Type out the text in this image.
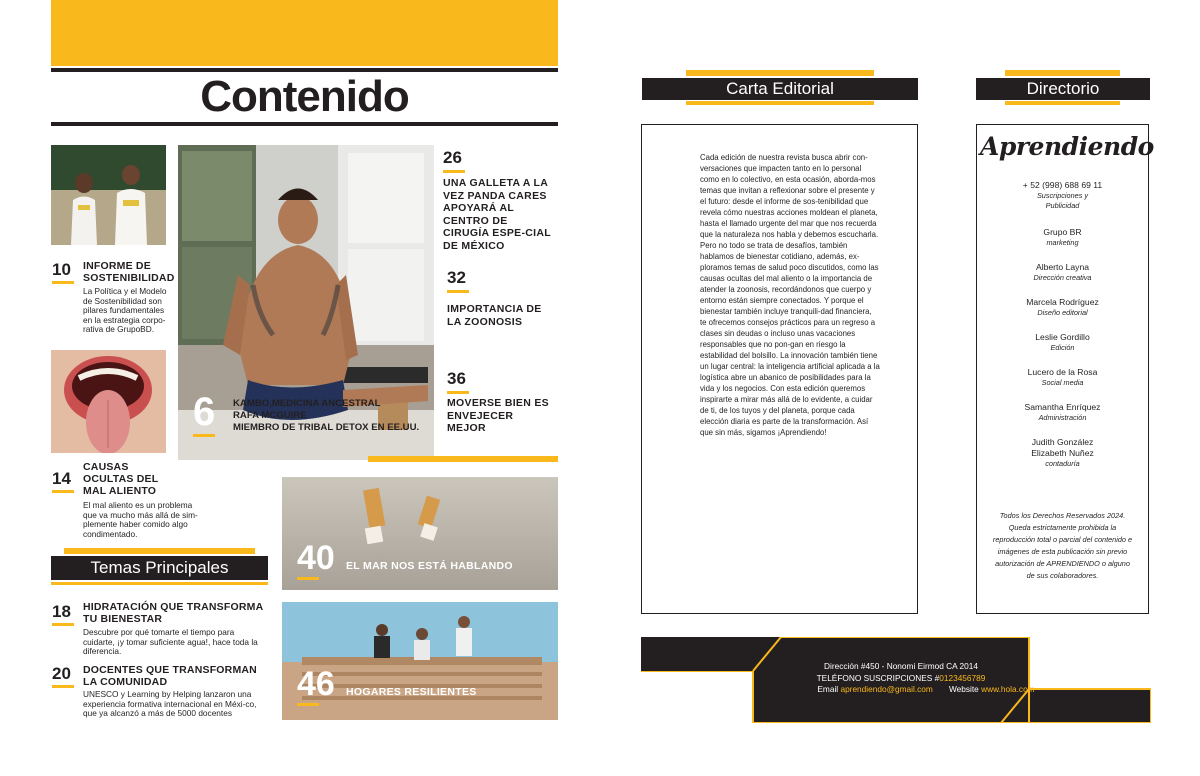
Contenido
10 INFORME DE SOSTENIBILIDAD
La Política y el Modelo de Sostenibilidad son pilares fundamentales en la estrategia corpo-rativa de GrupoBD.
14
CAUSAS OCULTAS DEL MAL ALIENTO
El mal aliento es un problema que va mucho más allá de sim-plemente haber comido algo condimentado.
Temas Principales
18 HIDRATACIÓN QUE TRANSFORMA TU BIENESTAR
Descubre por qué tomarte el tiempo para cuidarte, ¡y tomar suficiente agua!, hace toda la diferencia.
20 DOCENTES QUE TRANSFORMAN LA COMUNIDAD
UNESCO y Learning by Helping lanzaron una experiencia formativa internacional en Méxi-co, que ya alcanzó a más de 5000 docentes
6 KAMBO,MEDICINA ANCESTRAL
RAFA MCGUIRE
MIEMBRO DE TRIBAL DETOX EN EE.UU.
26
UNA GALLETA A LA VEZ PANDA CARES APOYARÁ AL CENTRO DE CIRUGÍA ESPE-CIAL DE MÉXICO
32
IMPORTANCIA DE LA ZOONOSIS
36
MOVERSE BIEN ES ENVEJECER MEJOR
40 EL MAR NOS ESTÁ HABLANDO
46 HOGARES RESILIENTES
Carta Editorial
Cada edición de nuestra revista busca abrir con-versaciones que impacten tanto en lo personal como en lo colectivo, en esta ocasión, aborda-mos temas que invitan a reflexionar sobre el presente y el futuro: desde el informe de sos-tenibilidad que revela cómo nuestras acciones moldean el planeta, hasta el llamado urgente del mar que nos recuerda que la naturaleza nos habla y debemos escucharla.
Pero no todo se trata de desafíos, también hablamos de bienestar cotidiano, además, ex-ploramos temas de salud poco discutidos, como las causas ocultas del mal aliento o la importancia de atender la zoonosis, recordándonos que cuerpo y entorno están siempre conectados. Y porque el bienestar también incluye tranquili-dad financiera, te ofrecemos consejos prácticos para un regreso a clases sin deudas o incluso unas vacaciones responsables que no pon-gan en riesgo la estabilidad del bolsillo. La innovación también tiene un lugar central: la inteligencia artificial aplicada a la logística abre un abanico de posibilidades para la vida y los negocios. Con esta edición queremos inspirarte a mirar más allá de lo evidente, a cuidar de ti, de los tuyos y del planeta, porque cada elección diaria es parte de la transformación. Así que sin más, sigamos ¡Aprendiendo!
Directorio
Aprendiendo
+ 52 (998) 688 69 11
Suscripciones y Publicidad
Grupo BR
marketing
Alberto Layna
Dirección creativa
Marcela Rodríguez
Diseño editorial
Leslie Gordillo
Edición
Lucero de la Rosa
Social media
Samantha Enríquez
Administración
Judith González Elizabeth Nuñez
contaduría
Todos los Derechos Reservados 2024. Queda estrictamente prohibida la reproducción total o parcial del contenido e imágenes de esta publicación sin previo autorización de APRENDIENDO o alguno de sus colaboradores.
Dirección #450 - Nonomi Eirmod CA 2014
TELÉFONO SUSCRIPCIONES #0123456789
Email aprendiendo@gmail.com Website www.hola.com
